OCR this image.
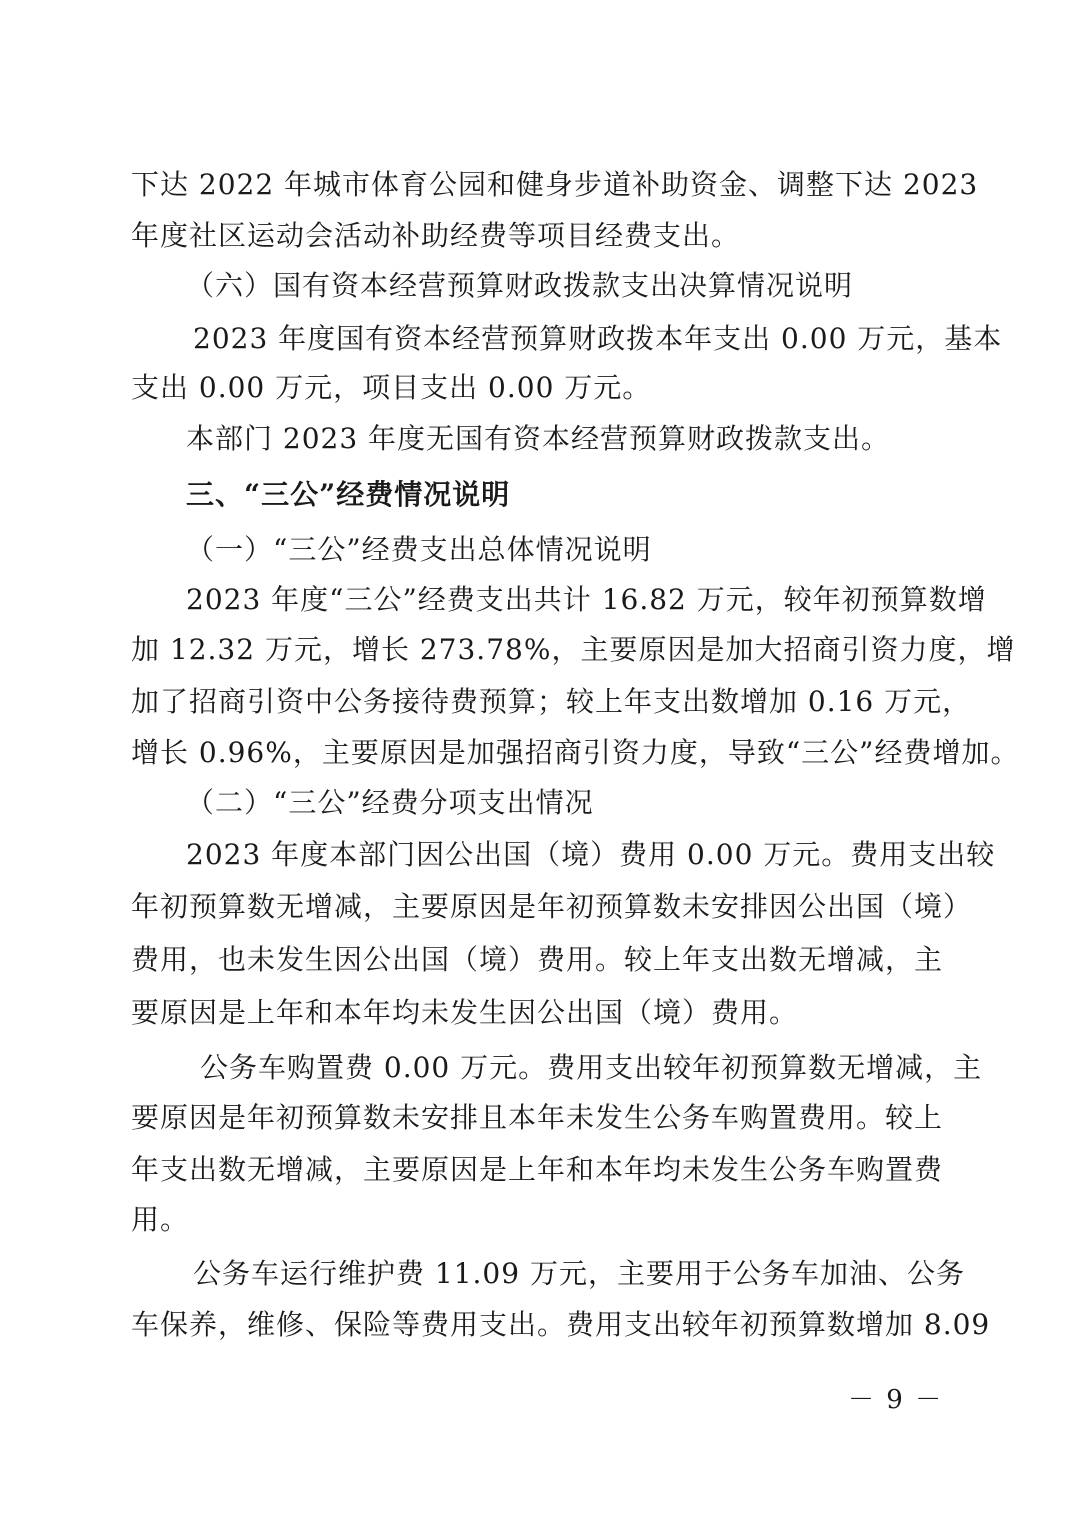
下达 2022 年城市体育公园和健身步道补助资金、调整下达 2023
年度社区运动会活动补助经费等项目经费支出。
（六）国有资本经营预算财政拨款支出决算情况说明
2023 年度国有资本经营预算财政拨本年支出 0.00 万元，基本
支出 0.00 万元，项目支出 0.00 万元。
本部门 2023 年度无国有资本经营预算财政拨款支出。
三、“三公”经费情况说明
（一）“三公”经费支出总体情况说明
2023 年度“三公”经费支出共计 16.82 万元，较年初预算数增
加 12.32 万元，增长 273.78%，主要原因是加大招商引资力度，增
加了招商引资中公务接待费预算；较上年支出数增加 0.16 万元，
增长 0.96%，主要原因是加强招商引资力度，导致“三公”经费增加。
（二）“三公”经费分项支出情况
2023 年度本部门因公出国（境）费用 0.00 万元。费用支出较
年初预算数无增减，主要原因是年初预算数未安排因公出国（境）
费用，也未发生因公出国（境）费用。较上年支出数无增减，主
要原因是上年和本年均未发生因公出国（境）费用。
公务车购置费 0.00 万元。费用支出较年初预算数无增减，主
要原因是年初预算数未安排且本年未发生公务车购置费用。较上
年支出数无增减，主要原因是上年和本年均未发生公务车购置费
用。
公务车运行维护费 11.09 万元，主要用于公务车加油、公务
车保养，维修、保险等费用支出。费用支出较年初预算数增加 8.09
－ 9 －
